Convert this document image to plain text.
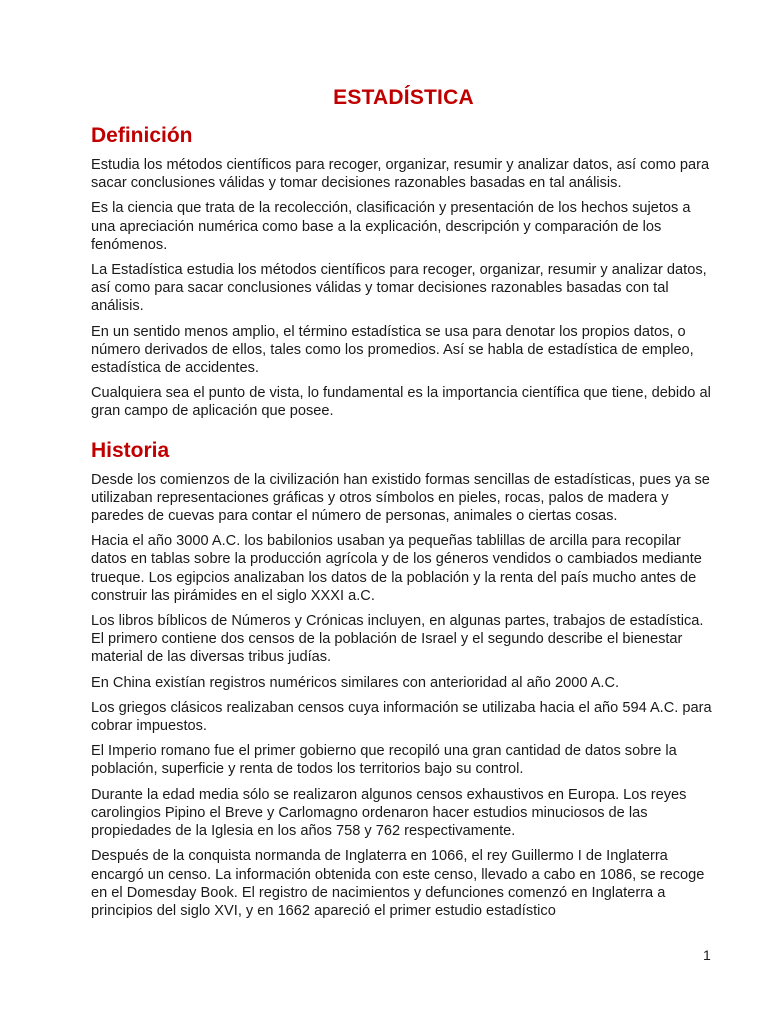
ESTADÍSTICA
Definición

Estudia los métodos científicos para recoger, organizar, resumir y analizar datos, así como para sacar conclusiones válidas y tomar decisiones razonables basadas en tal análisis.

Es la ciencia que trata de la recolección, clasificación y presentación de los hechos sujetos a una apreciación numérica como base a la explicación, descripción y comparación de los fenómenos.

La Estadística estudia los métodos científicos para recoger, organizar, resumir y analizar datos, así como para sacar conclusiones válidas y tomar decisiones razonables basadas con tal análisis.

En un sentido menos amplio, el término estadística se usa para denotar los propios datos, o número derivados de ellos, tales como los promedios. Así se habla de estadística de empleo, estadística de accidentes.

Cualquiera sea el punto de vista, lo fundamental es la importancia científica que tiene, debido al gran campo de aplicación que posee.

Historia

Desde los comienzos de la civilización han existido formas sencillas de estadísticas, pues ya se utilizaban representaciones gráficas y otros símbolos en pieles, rocas, palos de madera y paredes de cuevas para contar el número de personas, animales o ciertas cosas.

Hacia el año 3000 A.C. los babilonios usaban ya pequeñas tablillas de arcilla para recopilar datos en tablas sobre la producción agrícola y de los géneros vendidos o cambiados mediante trueque. Los egipcios analizaban los datos de la población y la renta del país mucho antes de construir las pirámides en el siglo XXXI a.C.

Los libros bíblicos de Números y Crónicas incluyen, en algunas partes, trabajos de estadística. El primero contiene dos censos de la población de Israel y el segundo describe el bienestar material de las diversas tribus judías.

En China existían registros numéricos similares con anterioridad al año 2000 A.C.

Los griegos clásicos realizaban censos cuya información se utilizaba hacia el año 594 A.C. para cobrar impuestos.

El Imperio romano fue el primer gobierno que recopiló una gran cantidad de datos sobre la población, superficie y renta de todos los territorios bajo su control.

Durante la edad media sólo se realizaron algunos censos exhaustivos en Europa. Los reyes carolingios Pipino el Breve y Carlomagno ordenaron hacer estudios minuciosos de las propiedades de la Iglesia en los años 758 y 762 respectivamente.

Después de la conquista normanda de Inglaterra en 1066, el rey Guillermo I de Inglaterra encargó un censo. La información obtenida con este censo, llevado a cabo en 1086, se recoge en el Domesday Book. El registro de nacimientos y defunciones comenzó en Inglaterra a principios del siglo XVI, y en 1662 apareció el primer estudio estadístico

1
